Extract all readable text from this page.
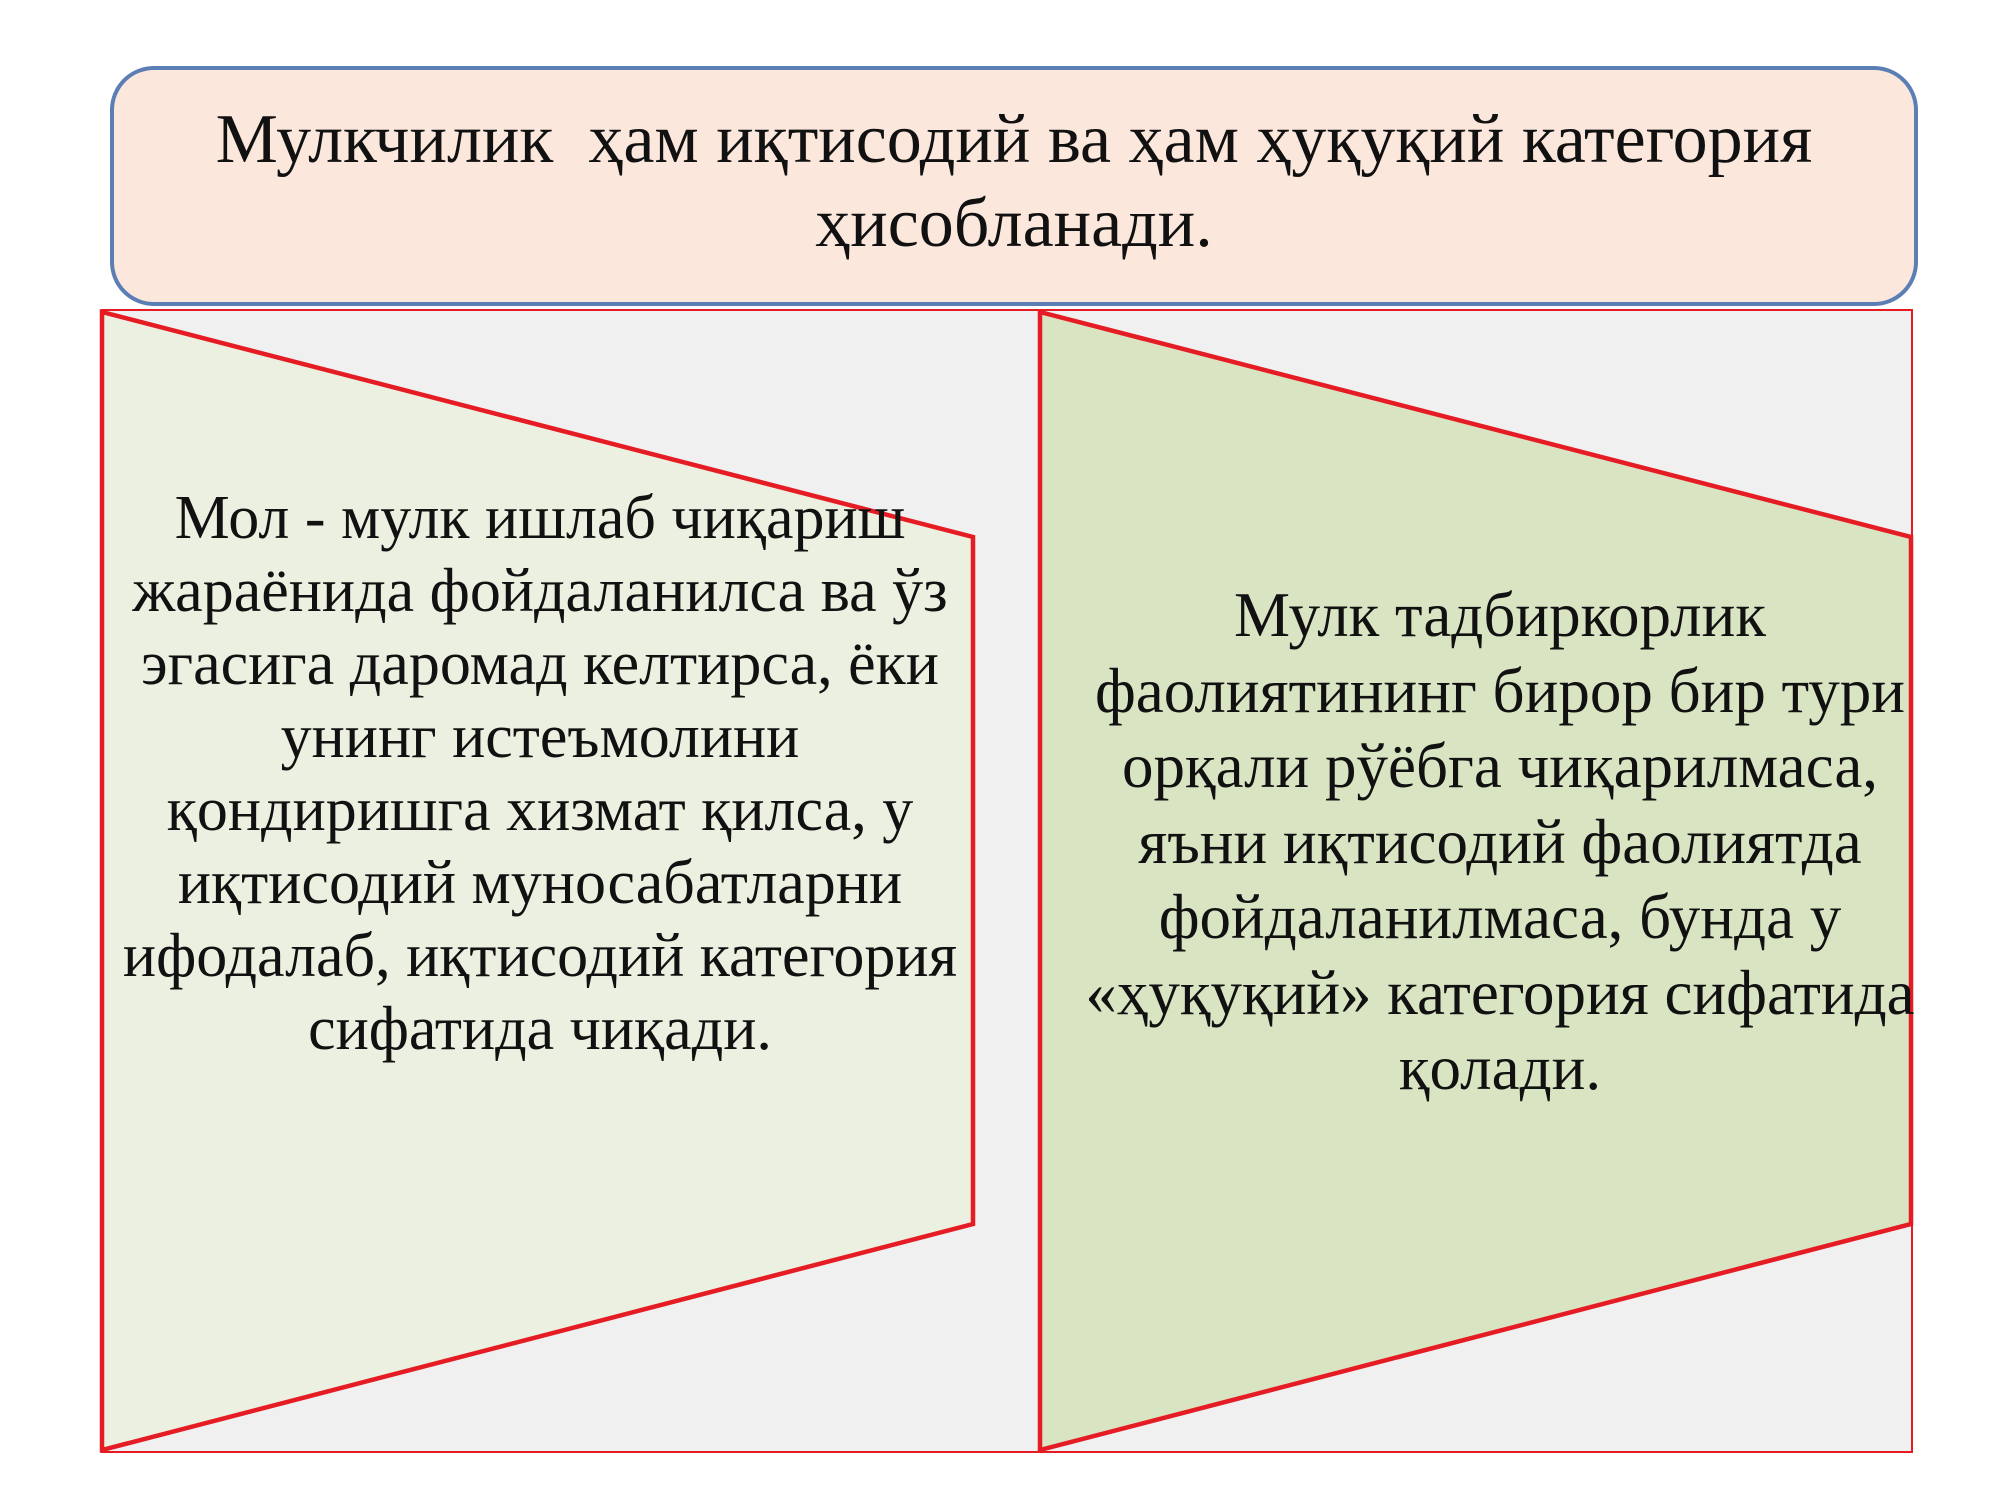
Мулкчилик  ҳам иқтисодий ва ҳам ҳуқуқий категория ҳисобланади.
Мол - мулк ишлаб чиқариш жараёнида фойдаланилса ва ўз эгасига даромад келтирса, ёки унинг истеъмолини қондиришга хизмат қилса, у иқтисодий муносабатларни ифодалаб, иқтисодий категория сифатида чиқади.
Мулк тадбиркорлик фаолиятининг бирор бир тури орқали рўёбга чиқарилмаса, яъни иқтисодий фаолиятда фойдаланилмаса, бунда у «ҳуқуқий» категория сифатида қолади.
